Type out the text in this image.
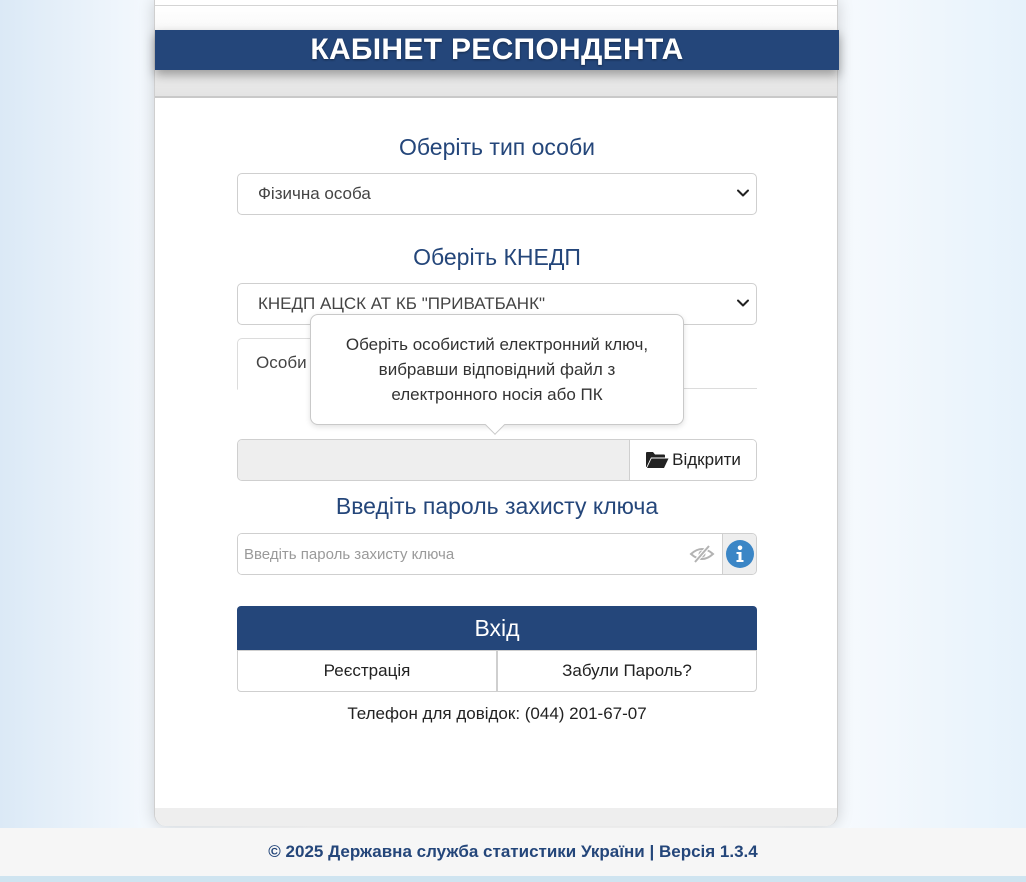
КАБІНЕТ РЕСПОНДЕНТА
Оберіть тип особи
Фізична особа
Оберіть КНЕДП
КНЕДП АЦСК АТ КБ "ПРИВАТБАНК"
Особи
Відкрити
Введіть пароль захисту ключа
Вхід
Реєстрація	Забули Пароль?
Телефон для довідок: (044) 201-67-07
Оберіть особистий електронний ключ, вибравши відповідний файл з електронного носія або ПК
© 2025 Державна служба статистики України | Версія 1.3.4
